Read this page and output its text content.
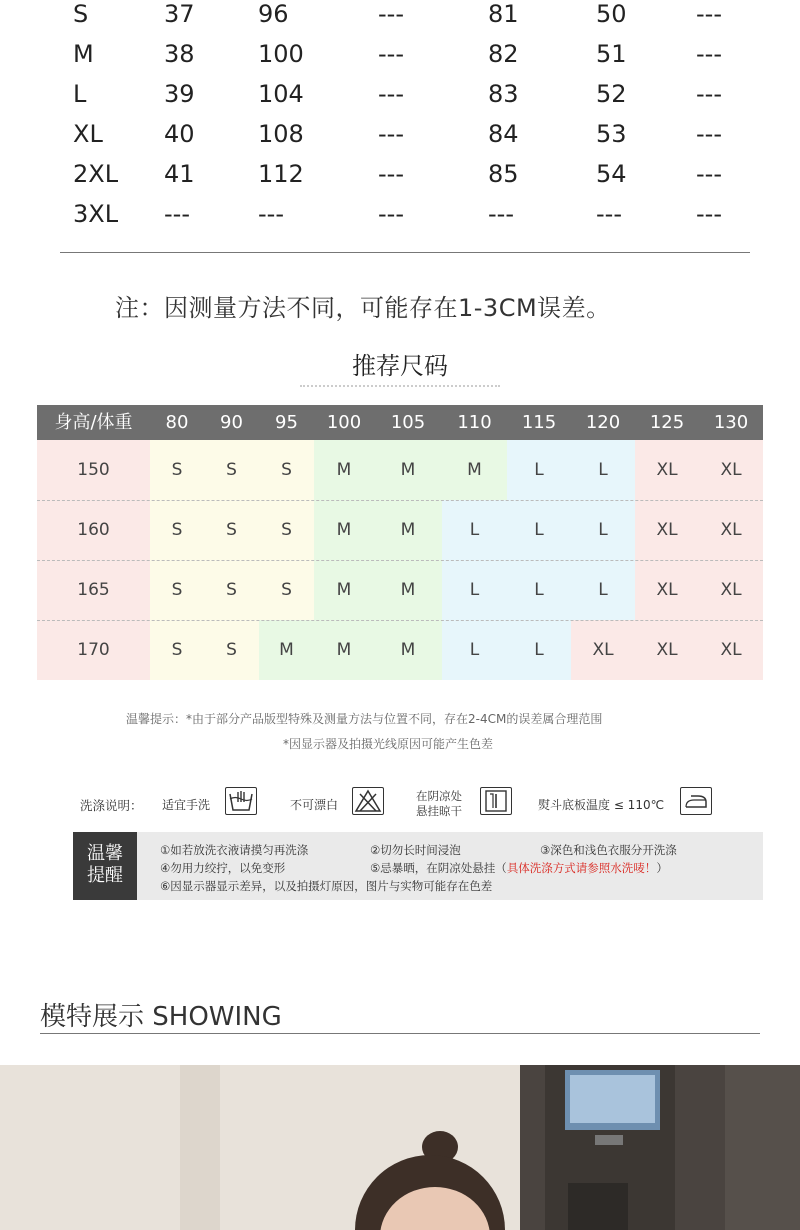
S	37	96	---	81	50	---
M	38	100	---	82	51	---
L	39	104	---	83	52	---
XL	40	108	---	84	53	---
2XL 41	112	---	85	54	---
3XL ---	---	---	---	---	---
注：因测量方法不同，可能存在1-3CM误差。
推荐尺码
身高/体重	80	90	95	100	105	110	115	120	125	130
150	S	S	S	M	M	M	L	L	XL	XL
160	S	S	S	M	M	L	L	L	XL	XL
165	S	S	S	M	M	L	L	L	XL	XL
170	S	S	M	M	M	L	L	XL	XL	XL
温馨提示：*由于部分产品版型特殊及测量方法与位置不同，存在2-4CM的误差属合理范围
*因显示器及拍摄光线原因可能产生色差
洗涤说明： 适宜手洗	不可漂白
在阴凉处
悬挂晾干	熨斗底板温度 ≤ 110℃
温馨
提醒
①如若放洗衣液请摸匀再洗涤	②切勿长时间浸泡	③深色和浅色衣服分开洗涤
④勿用力绞拧，以免变形	⑤忌暴晒，在阴凉处悬挂（具体洗涤方式请参照水洗唛！）
⑥因显示器显示差异，以及拍摄灯原因，图片与实物可能存在色差
模特展示 SHOWING
